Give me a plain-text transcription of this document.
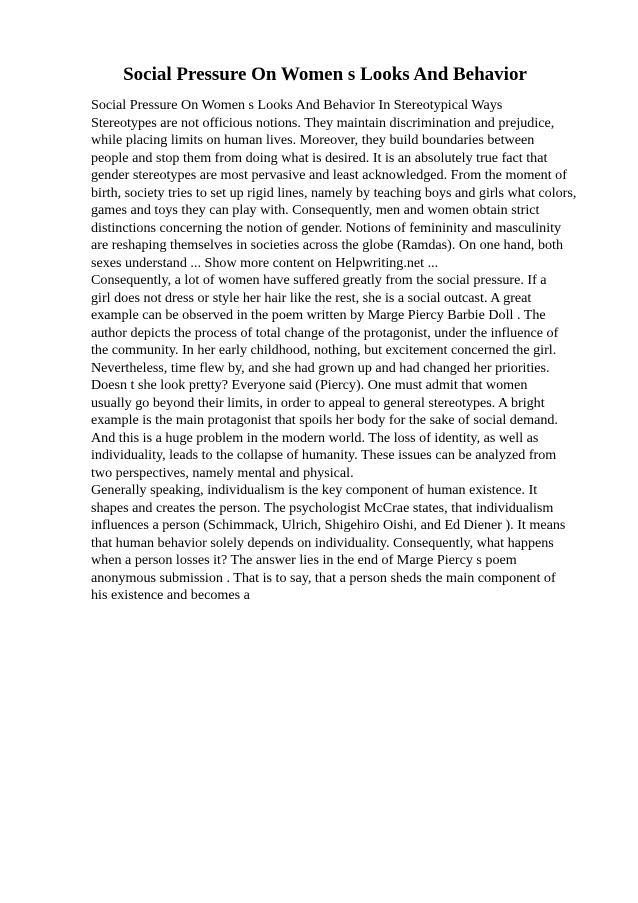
Social Pressure On Women s Looks And Behavior

Social Pressure On Women s Looks And Behavior In Stereotypical Ways
Stereotypes are not officious notions. They maintain discrimination and prejudice,
while placing limits on human lives. Moreover, they build boundaries between
people and stop them from doing what is desired. It is an absolutely true fact that
gender stereotypes are most pervasive and least acknowledged. From the moment of
birth, society tries to set up rigid lines, namely by teaching boys and girls what colors,
games and toys they can play with. Consequently, men and women obtain strict
distinctions concerning the notion of gender. Notions of femininity and masculinity
are reshaping themselves in societies across the globe (Ramdas). On one hand, both
sexes understand ... Show more content on Helpwriting.net ...

Consequently, a lot of women have suffered greatly from the social pressure. If a
girl does not dress or style her hair like the rest, she is a social outcast. A great
example can be observed in the poem written by Marge Piercy Barbie Doll . The
author depicts the process of total change of the protagonist, under the influence of
the community. In her early childhood, nothing, but excitement concerned the girl.
Nevertheless, time flew by, and she had grown up and had changed her priorities.
Doesn t she look pretty? Everyone said (Piercy). One must admit that women
usually go beyond their limits, in order to appeal to general stereotypes. A bright
example is the main protagonist that spoils her body for the sake of social demand.
And this is a huge problem in the modern world. The loss of identity, as well as
individuality, leads to the collapse of humanity. These issues can be analyzed from
two perspectives, namely mental and physical.

Generally speaking, individualism is the key component of human existence. It
shapes and creates the person. The psychologist McCrae states, that individualism
influences a person (Schimmack, Ulrich, Shigehiro Oishi, and Ed Diener ). It means
that human behavior solely depends on individuality. Consequently, what happens
when a person losses it? The answer lies in the end of Marge Piercy s poem
anonymous submission . That is to say, that a person sheds the main component of
his existence and becomes a
